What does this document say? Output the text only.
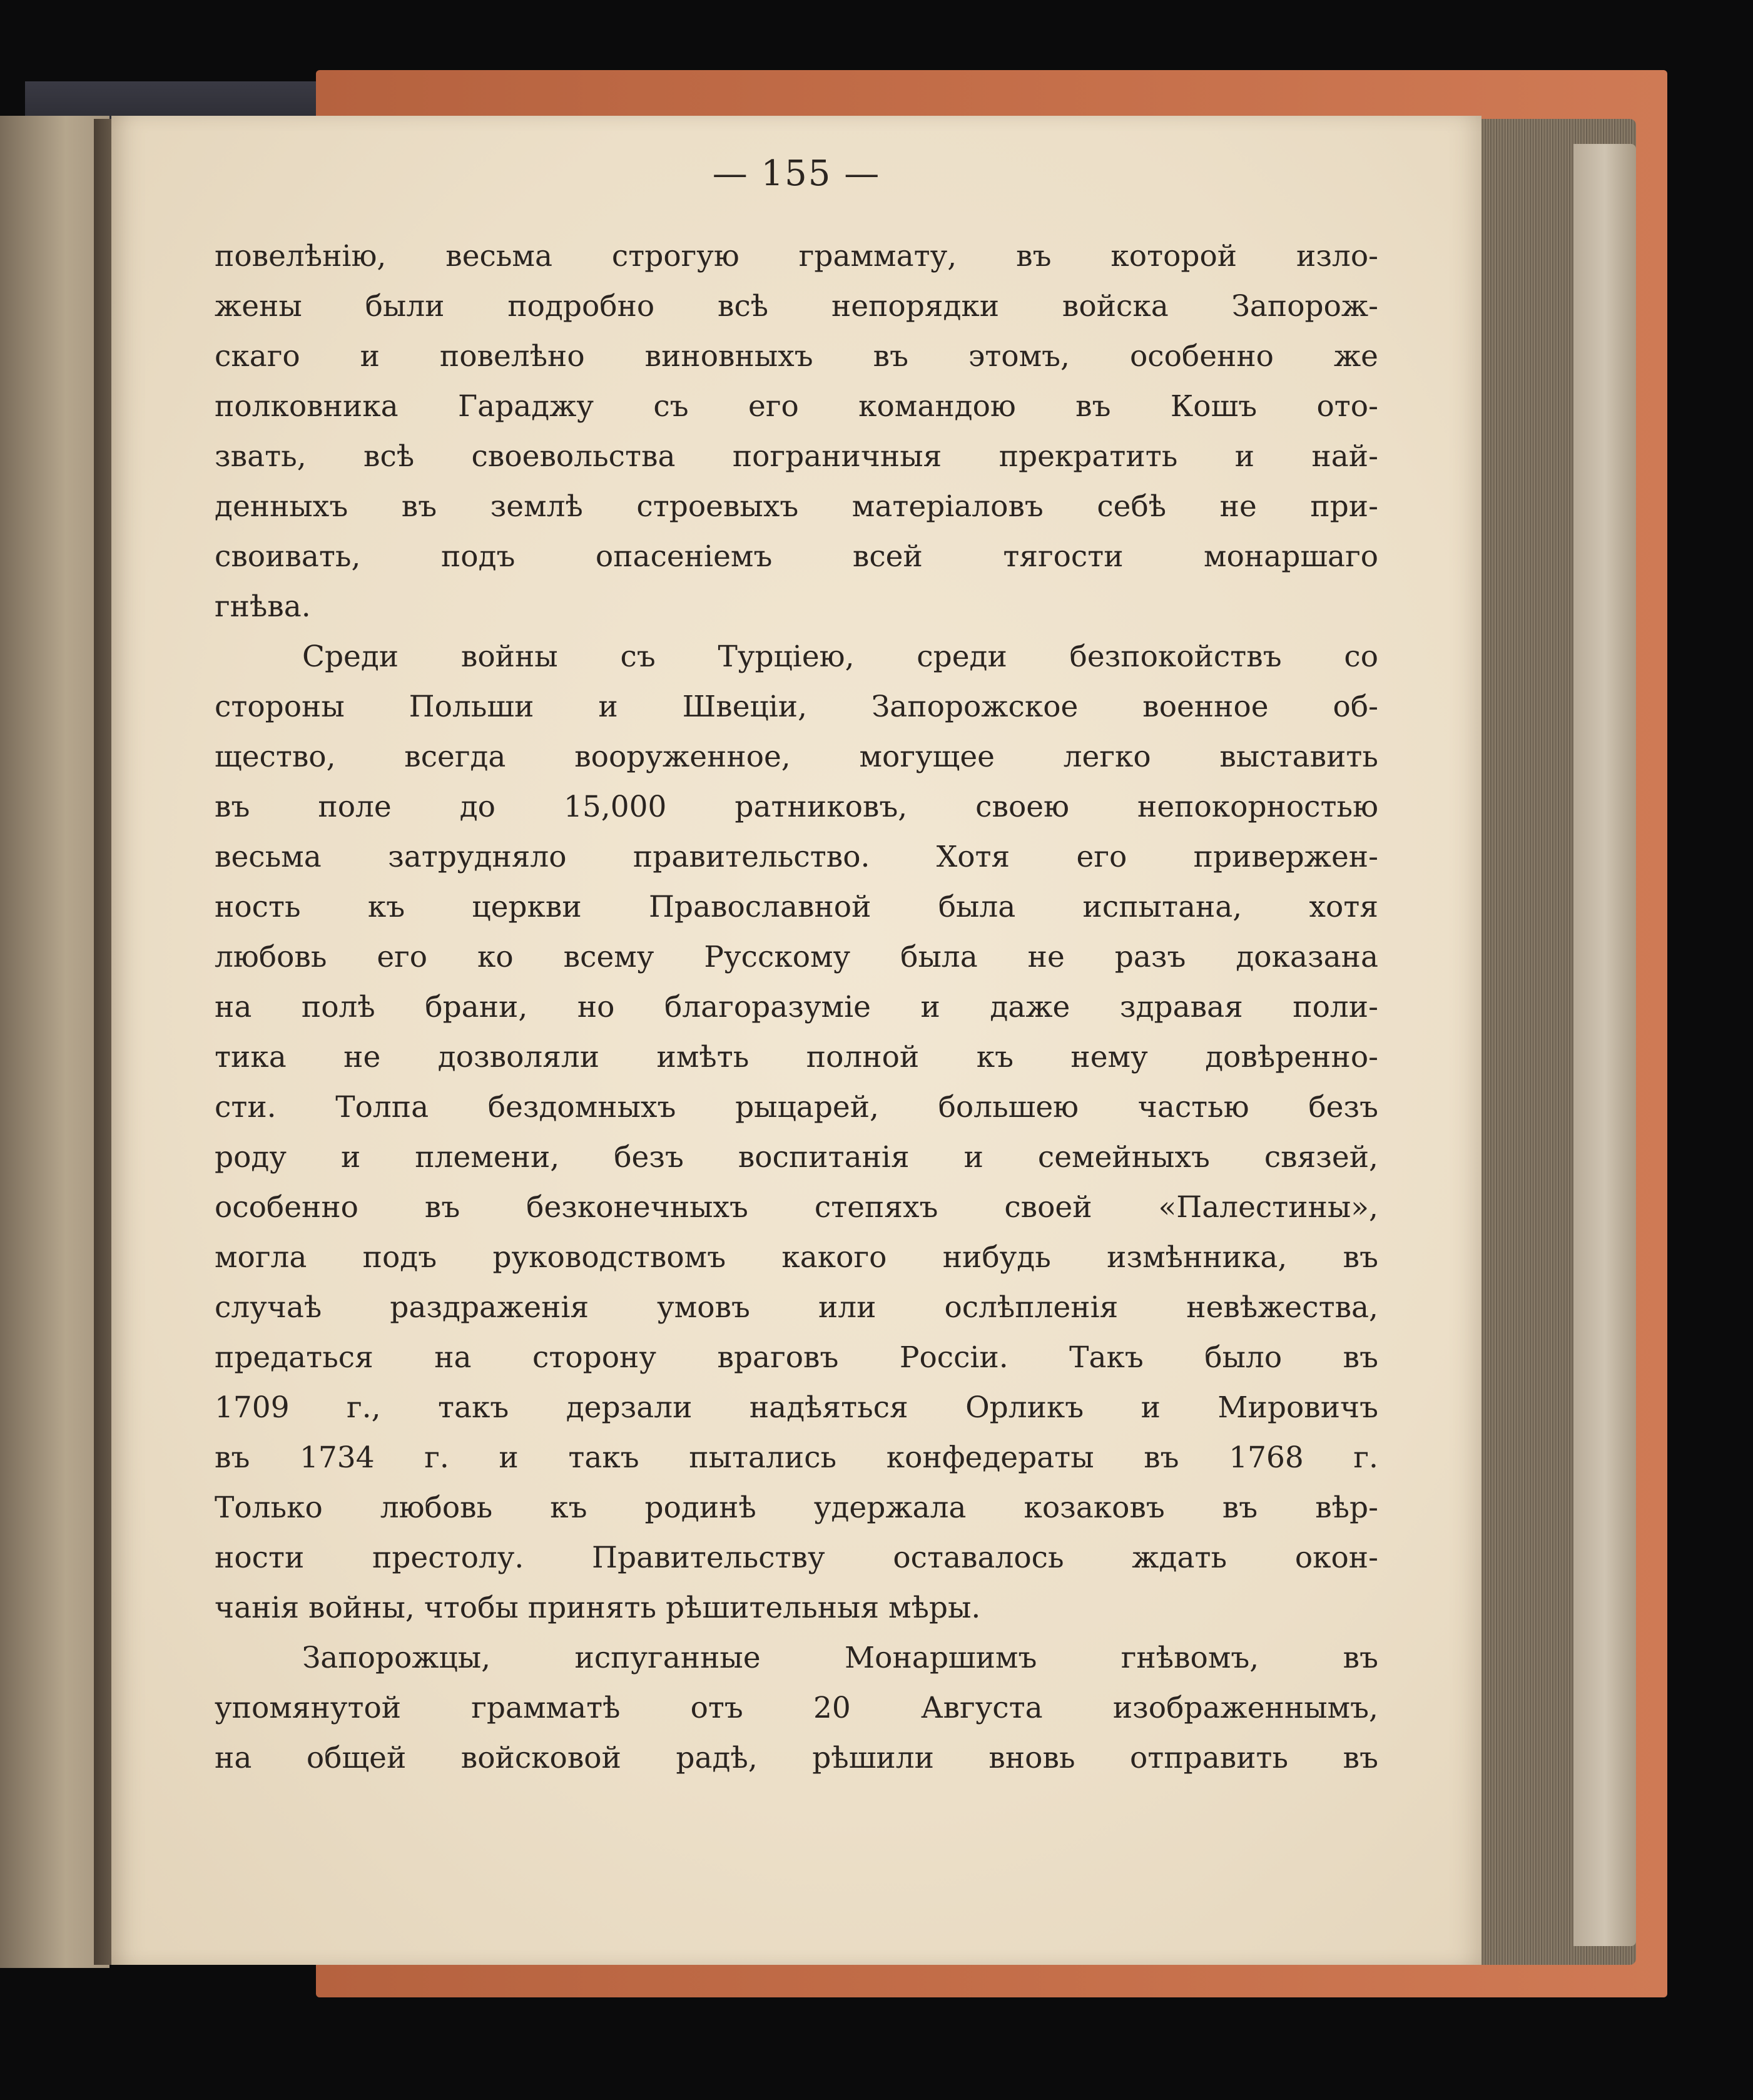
— 155 —
повелѣнію, весьма строгую граммату, въ которой изло-
жены были подробно всѣ непорядки войска Запорож-
скаго и повелѣно виновныхъ въ этомъ, особенно же
полковника Гараджу съ его командою въ Кошъ ото-
звать, всѣ своевольства пограничныя прекратить и най-
денныхъ въ землѣ строевыхъ матеріаловъ себѣ не при-
своивать, подъ опасеніемъ всей тягости монаршаго
гнѣва.
Среди войны съ Турціею, среди безпокойствъ со
стороны Польши и Швеціи, Запорожское военное об-
щество, всегда вооруженное, могущее легко выставить
въ поле до 15,000 ратниковъ, своею непокорностью
весьма затрудняло правительство. Хотя его привержен-
ность къ церкви Православной была испытана, хотя
любовь его ко всему Русскому была не разъ доказана
на полѣ брани, но благоразуміе и даже здравая поли-
тика не дозволяли имѣть полной къ нему довѣренно-
сти. Толпа бездомныхъ рыцарей, большею частью безъ
роду и племени, безъ воспитанія и семейныхъ связей,
особенно въ безконечныхъ степяхъ своей «Палестины»,
могла подъ руководствомъ какого нибудь измѣнника, въ
случаѣ раздраженія умовъ или ослѣпленія невѣжества,
предаться на сторону враговъ Россіи. Такъ было въ
1709 г., такъ дерзали надѣяться Орликъ и Мировичъ
въ 1734 г. и такъ пытались конфедераты въ 1768 г.
Только любовь къ родинѣ удержала козаковъ въ вѣр-
ности престолу. Правительству оставалось ждать окон-
чанія войны, чтобы принять рѣшительныя мѣры.
Запорожцы, испуганные Монаршимъ гнѣвомъ, въ
упомянутой грамматѣ отъ 20 Августа изображеннымъ,
на общей войсковой радѣ, рѣшили вновь отправить въ
